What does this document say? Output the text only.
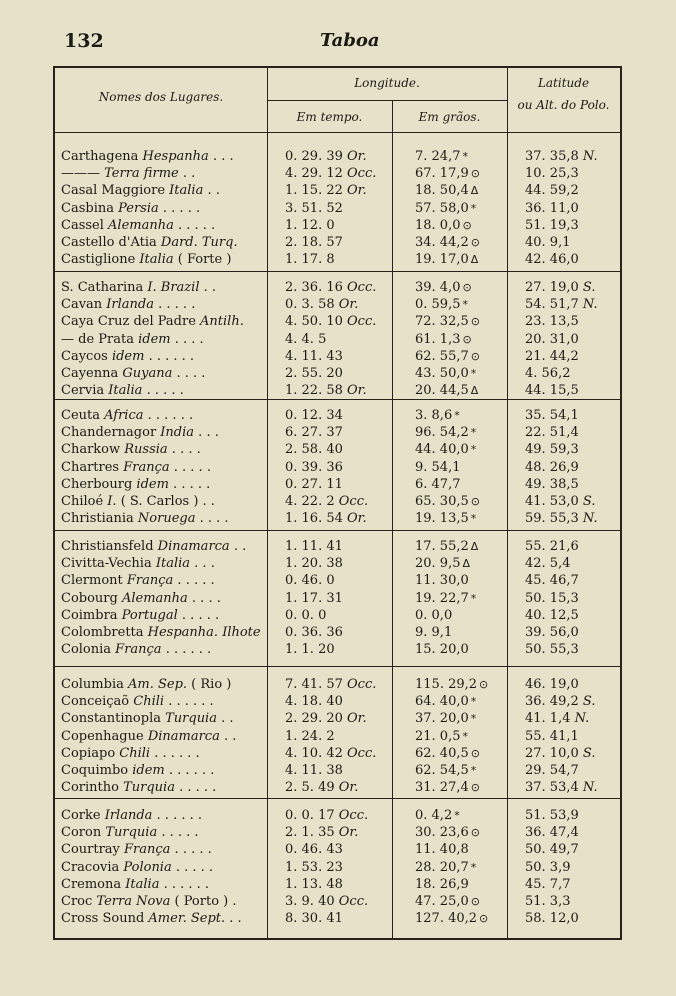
132	Taboa
Nomes dos Lugares.
Longitude.
Em tempo.	Em grãos.
Latitude
ou Alt. do Polo.
Carthagena Hespanha . . .	0. 29. 39 Or.	7. 24,7 *	37. 35,8 N.
——— Terra firme . .	4. 29. 12 Occ.	67. 17,9 ⊙	10. 25,3
Casal Maggiore Italia . .	1. 15. 22 Or.	18. 50,4 Δ	44. 59,2
Casbina Persia . . . . .	3. 51. 52	57. 58,0 *	36. 11,0
Cassel Alemanha . . . . .	1. 12. 0	18. 0,0 ⊙	51. 19,3
Castello d'Atia Dard. Turq.	2. 18. 57	34. 44,2 ⊙	40. 9,1
Castiglione Italia ( Forte )	1. 17. 8	19. 17,0 Δ	42. 46,0
S. Catharina I. Brazil . .	2. 36. 16 Occ.	39. 4,0 ⊙	27. 19,0 S.
Cavan Irlanda . . . . .	0. 3. 58 Or.	0. 59,5 *	54. 51,7 N.
Caya Cruz del Padre Antilh.	4. 50. 10 Occ.	72. 32,5 ⊙	23. 13,5
— de Prata idem . . . .	4. 4. 5	61. 1,3 ⊙	20. 31,0
Caycos idem . . . . . .	4. 11. 43	62. 55,7 ⊙	21. 44,2
Cayenna Guyana . . . .	2. 55. 20	43. 50,0 *	4. 56,2
Cervia Italia . . . . .	1. 22. 58 Or.	20. 44,5 Δ	44. 15,5
Ceuta Africa . . . . . .	0. 12. 34	3. 8,6 *	35. 54,1
Chandernagor India . . .	6. 27. 37	96. 54,2 *	22. 51,4
Charkow Russia . . . .	2. 58. 40	44. 40,0 *	49. 59,3
Chartres França . . . . .	0. 39. 36	9. 54,1	48. 26,9
Cherbourg idem . . . . .	0. 27. 11	6. 47,7	49. 38,5
Chiloé I. ( S. Carlos ) . .	4. 22. 2 Occ.	65. 30,5 ⊙	41. 53,0 S.
Christiania Noruega . . . .	1. 16. 54 Or.	19. 13,5 *	59. 55,3 N.
Christiansfeld Dinamarca . .	1. 11. 41	17. 55,2 Δ	55. 21,6
Civitta-Vechia Italia . . .	1. 20. 38	20. 9,5 Δ	42. 5,4
Clermont França . . . . .	0. 46. 0	11. 30,0	45. 46,7
Cobourg Alemanha . . . .	1. 17. 31	19. 22,7 *	50. 15,3
Coimbra Portugal . . . . .	0. 0. 0	0. 0,0	40. 12,5
Colombretta Hespanha. Ilhote	0. 36. 36	9. 9,1	39. 56,0
Colonia França . . . . . .	1. 1. 20	15. 20,0	50. 55,3
Columbia Am. Sep. ( Rio )	7. 41. 57 Occ.	115. 29,2 ⊙	46. 19,0
Conceiçaõ Chili . . . . . .	4. 18. 40	64. 40,0 *	36. 49,2 S.
Constantinopla Turquia . .	2. 29. 20 Or.	37. 20,0 *	41. 1,4 N.
Copenhague Dinamarca . .	1. 24. 2	21. 0,5 *	55. 41,1
Copiapo Chili . . . . . .	4. 10. 42 Occ.	62. 40,5 ⊙	27. 10,0 S.
Coquimbo idem . . . . . .	4. 11. 38	62. 54,5 *	29. 54,7
Corintho Turquia . . . . .	2. 5. 49 Or.	31. 27,4 ⊙	37. 53,4 N.
Corke Irlanda . . . . . .	0. 0. 17 Occ.	0. 4,2 *	51. 53,9
Coron Turquia . . . . .	2. 1. 35 Or.	30. 23,6 ⊙	36. 47,4
Courtray França . . . . .	0. 46. 43	11. 40,8	50. 49,7
Cracovia Polonia . . . . .	1. 53. 23	28. 20,7 *	50. 3,9
Cremona Italia . . . . . .	1. 13. 48	18. 26,9	45. 7,7
Croc Terra Nova ( Porto ) .	3. 9. 40 Occ.	47. 25,0 ⊙	51. 3,3
Cross Sound Amer. Sept. . .	8. 30. 41	127. 40,2 ⊙	58. 12,0
